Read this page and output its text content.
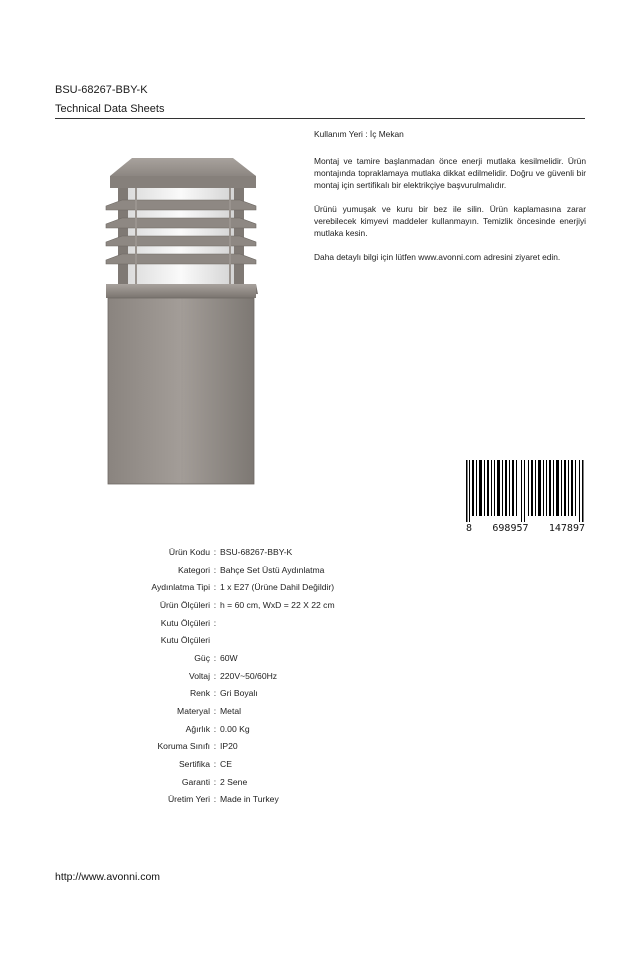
BSU-68267-BBY-K
Technical Data Sheets

Kullanım Yeri : İç Mekan

Montaj ve tamire başlanmadan önce enerji mutlaka kesilmelidir. Ürün montajında topraklamaya mutlaka dikkat edilmelidir. Doğru ve güvenli bir montaj için sertifikalı bir elektrikçiye başvurulmalıdır.

Ürünü yumuşak ve kuru bir bez ile silin. Ürün kaplamasına zarar verebilecek kimyevi maddeler kullanmayın. Temizlik öncesinde enerjiyi mutlaka kesin.

Daha detaylı bilgi için lütfen www.avonni.com adresini ziyaret edin.

8 698957 147897
Ürün Kodu : BSU-68267-BBY-K
Kategori : Bahçe Set Üstü Aydınlatma
Aydınlatma Tipi : 1 x E27 (Ürüne Dahil Değildir)
Ürün Ölçüleri : h = 60 cm, WxD = 22 X 22 cm
Kutu Ölçüleri :
Kutu Ölçüleri
Güç : 60W
Voltaj : 220V~50/60Hz
Renk : Gri Boyalı
Materyal : Metal
Ağırlık : 0.00 Kg
Koruma Sınıfı : IP20
Sertifika : CE
Garanti : 2 Sene
Üretim Yeri : Made in Turkey
http://www.avonni.com
